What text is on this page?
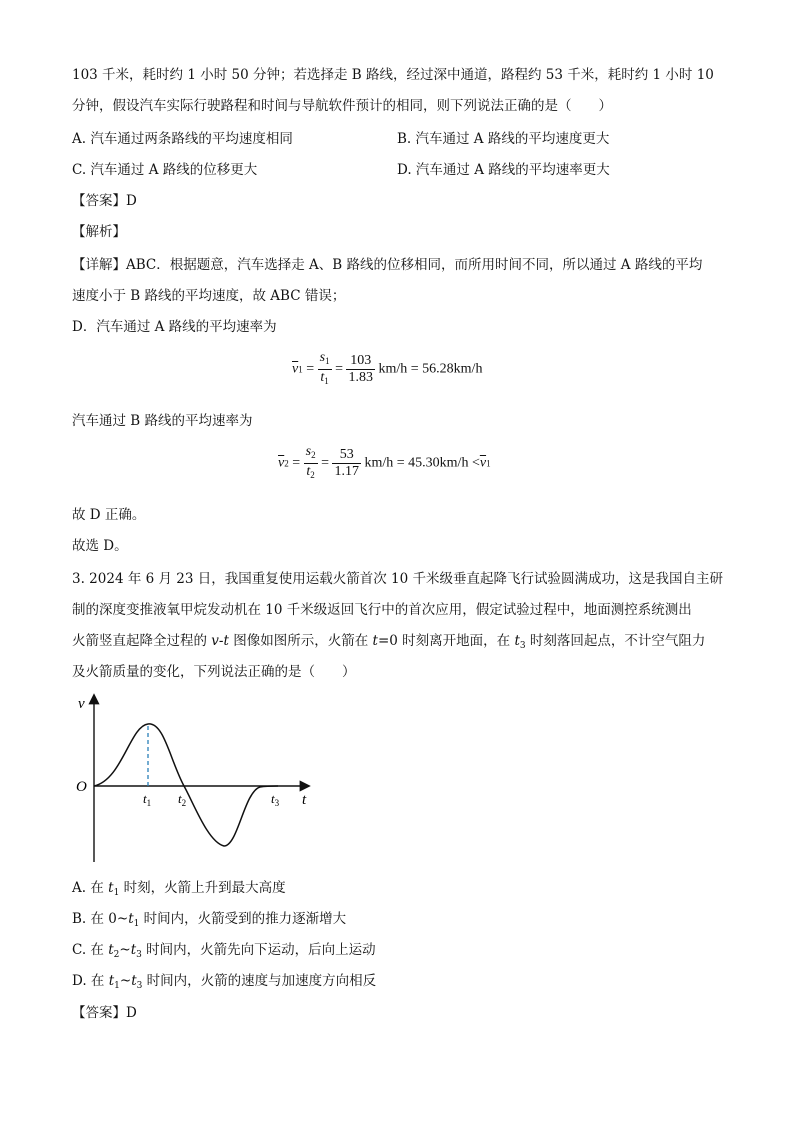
103 千米，耗时约 1 小时 50 分钟；若选择走 B 路线，经过深中通道，路程约 53 千米，耗时约 1 小时 10
分钟，假设汽车实际行驶路程和时间与导航软件预计的相同，则下列说法正确的是（　　）
A. 汽车通过两条路线的平均速度相同	B. 汽车通过 A 路线的平均速度更大
C. 汽车通过 A 路线的位移更大	D. 汽车通过 A 路线的平均速率更大
【答案】D
【解析】
【详解】ABC．根据题意，汽车选择走 A、B 路线的位移相同，而所用时间不同，所以通过 A 路线的平均
速度小于 B 路线的平均速度，故 ABC 错误；
D．汽车通过 A 路线的平均速率为
$\overline{v}1 = \frac{s_1}{t_1} = \frac{103}{1.83} km/h = 56.28km/h$
汽车通过 B 路线的平均速率为
$\overline{v}2 = \frac{s_2}{t_2} = \frac{53}{1.17} km/h = 45.30km/h <\overline{v}1$
故 D 正确。
故选 D。
3. 2024 年 6 月 23 日，我国重复使用运载火箭首次 10 千米级垂直起降飞行试验圆满成功，这是我国自主研
制的深度变推液氧甲烷发动机在 10 千米级返回飞行中的首次应用，假定试验过程中，地面测控系统测出
火箭竖直起降全过程的 v-t 图像如图所示，火箭在 t=0 时刻离开地面，在 $t_3$ 时刻落回起点，不计空气阻力
及火箭质量的变化，下列说法正确的是（　　）
O
v
t
$t_1$ $t_2$	$t_3$
A. 在 $t_1$ 时刻，火箭上升到最大高度
B. 在 $0\sim t_1$ 时间内，火箭受到的推力逐渐增大
C. 在 $t_2\sim t_3$ 时间内，火箭先向下运动，后向上运动
D. 在 $t_1\sim t_3$ 时间内，火箭的速度与加速度方向相反
【答案】D
